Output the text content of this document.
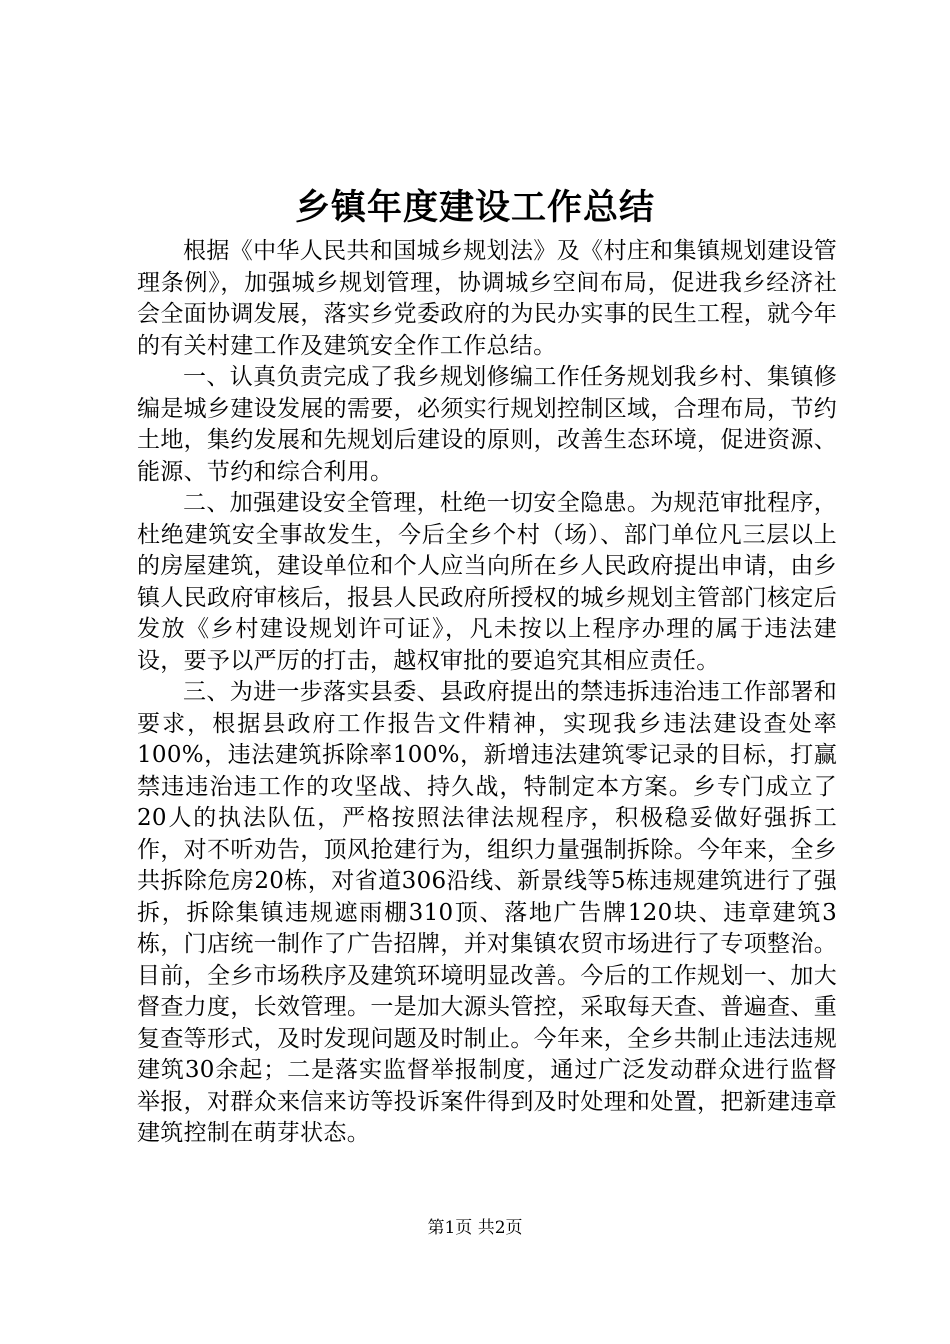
乡镇年度建设工作总结

根据《中华人民共和国城乡规划法》及《村庄和集镇规划建设管理条例》，加强城乡规划管理，协调城乡空间布局，促进我乡经济社会全面协调发展，落实乡党委政府的为民办实事的民生工程，就今年的有关村建工作及建筑安全作工作总结。

一、认真负责完成了我乡规划修编工作任务规划我乡村、集镇修编是城乡建设发展的需要，必须实行规划控制区域，合理布局，节约土地，集约发展和先规划后建设的原则，改善生态环境，促进资源、能源、节约和综合利用。

二、加强建设安全管理，杜绝一切安全隐患。为规范审批程序，杜绝建筑安全事故发生，今后全乡个村（场）、部门单位凡三层以上的房屋建筑，建设单位和个人应当向所在乡人民政府提出申请，由乡镇人民政府审核后，报县人民政府所授权的城乡规划主管部门核定后发放《乡村建设规划许可证》，凡未按以上程序办理的属于违法建设，要予以严厉的打击，越权审批的要追究其相应责任。

三、为进一步落实县委、县政府提出的禁违拆违治违工作部署和要求，根据县政府工作报告文件精神，实现我乡违法建设查处率100%，违法建筑拆除率100%，新增违法建筑零记录的目标，打赢禁违违治违工作的攻坚战、持久战，特制定本方案。乡专门成立了20人的执法队伍，严格按照法律法规程序，积极稳妥做好强拆工作，对不听劝告，顶风抢建行为，组织力量强制拆除。今年来，全乡共拆除危房20栋，对省道306沿线、新景线等5栋违规建筑进行了强拆，拆除集镇违规遮雨棚310顶、落地广告牌120块、违章建筑3栋，门店统一制作了广告招牌，并对集镇农贸市场进行了专项整治。目前，全乡市场秩序及建筑环境明显改善。今后的工作规划一、加大督查力度，长效管理。一是加大源头管控，采取每天查、普遍查、重复查等形式，及时发现问题及时制止。今年来，全乡共制止违法违规建筑30余起；二是落实监督举报制度，通过广泛发动群众进行监督举报，对群众来信来访等投诉案件得到及时处理和处置，把新建违章建筑控制在萌芽状态。

第1页 共2页
